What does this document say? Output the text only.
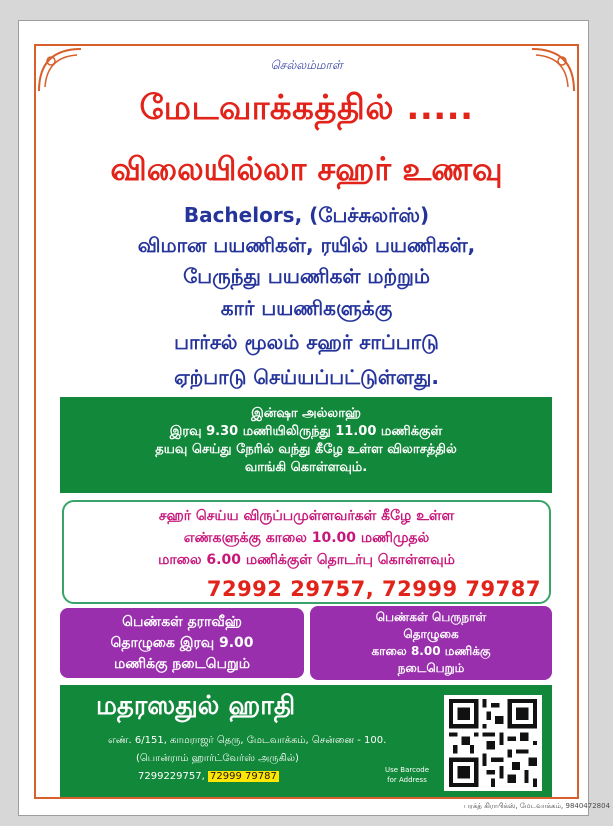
செல்லம்மாள்
மேடவாக்கத்தில் .....
விலையில்லா சஹர் உணவு
Bachelors, (பேச்சுலர்ஸ்)
விமான பயணிகள், ரயில் பயணிகள்,
பேருந்து பயணிகள் மற்றும்
கார் பயணிகளுக்கு
பார்சல் மூலம் சஹர் சாப்பாடு
ஏற்பாடு செய்யப்பட்டுள்ளது.
இன்ஷா அல்லாஹ்
இரவு 9.30 மணியிலிருந்து 11.00 மணிக்குள்
தயவு செய்து நேரில் வந்து கீழே உள்ள விலாசத்தில்
வாங்கி கொள்ளவும்.
சஹர் செய்ய விருப்பமுள்ளவர்கள் கீழே உள்ள
எண்களுக்கு காலை 10.00 மணிமுதல்
மாலை 6.00 மணிக்குள் தொடர்பு கொள்ளவும்
72992 29757, 72999 79787
பெண்கள் தராவீஹ்
தொழுகை இரவு 9.00
மணிக்கு நடைபெறும்
பெண்கள் பெருநாள்
தொழுகை
காலை 8.00 மணிக்கு
நடைபெறும்
மதரஸதுல் ஹாதி
எண். 6/151, காமராஜர் தெரு, மேடவாக்கம், சென்னை - 100.
(பொன்ராம் ஹார்ட்வேர்ஸ் அருகில்)
7299229757, 72999 79787
Use Barcode
for Address
பரக்த் கிராபிக்ஸ், மேடவாக்கம், 9840472804
